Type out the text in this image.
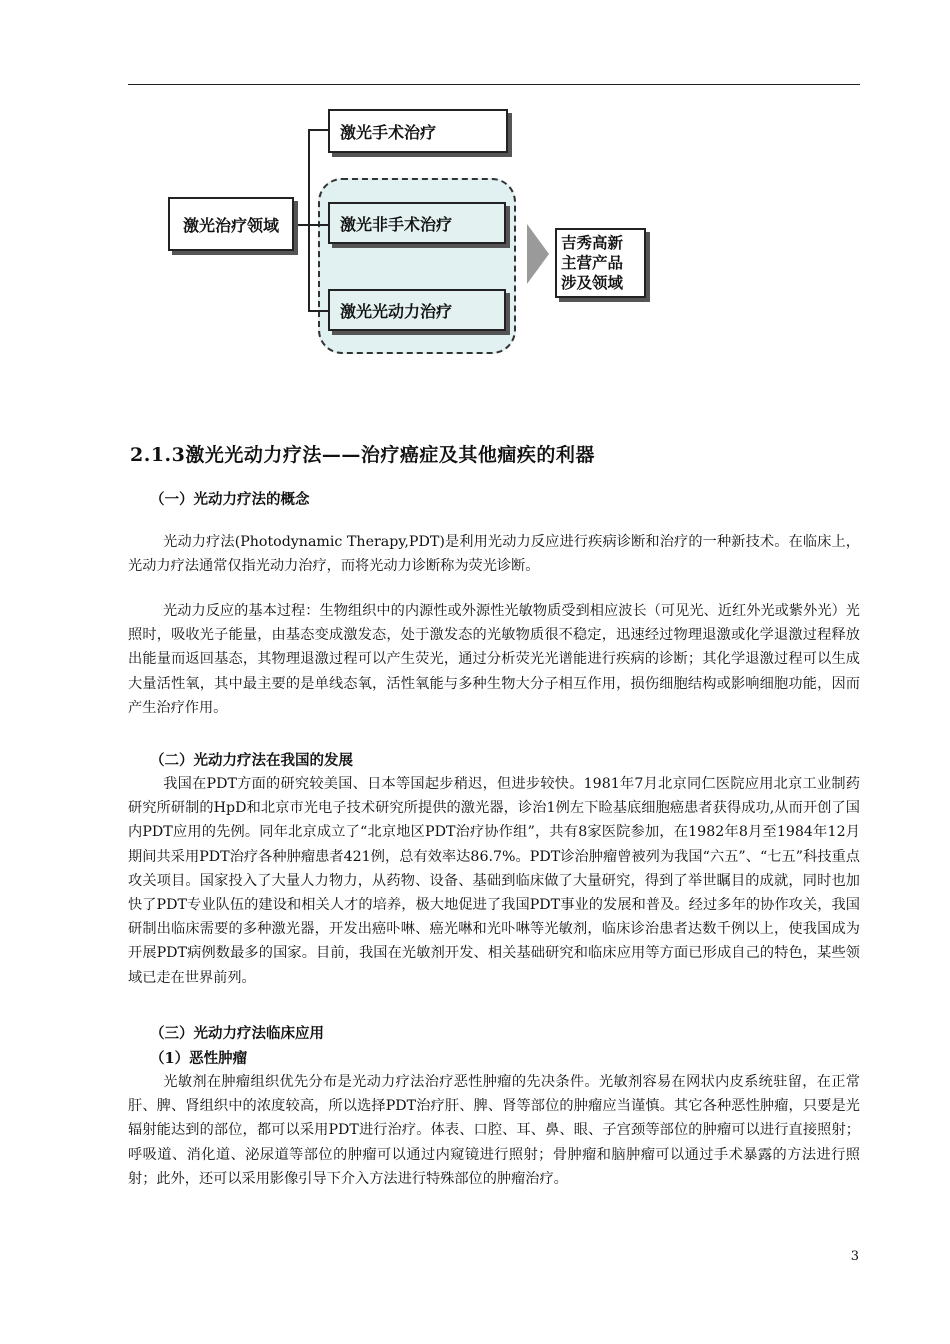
激光治疗领域
激光手术治疗
激光非手术治疗
激光光动力治疗
吉秀高新
主营产品
涉及领域
2.1.3激光光动力疗法——治疗癌症及其他痼疾的利器
（一）光动力疗法的概念

光动力疗法(Photodynamic Therapy,PDT)是利用光动力反应进行疾病诊断和治疗的一种新技术。在临床上，光动力疗法通常仅指光动力治疗，而将光动力诊断称为荧光诊断。

光动力反应的基本过程：生物组织中的内源性或外源性光敏物质受到相应波长（可见光、近红外光或紫外光）光照时，吸收光子能量，由基态变成激发态，处于激发态的光敏物质很不稳定，迅速经过物理退激或化学退激过程释放出能量而返回基态，其物理退激过程可以产生荧光，通过分析荧光光谱能进行疾病的诊断；其化学退激过程可以生成大量活性氧，其中最主要的是单线态氧，活性氧能与多种生物大分子相互作用，损伤细胞结构或影响细胞功能，因而产生治疗作用。

（二）光动力疗法在我国的发展

我国在PDT方面的研究较美国、日本等国起步稍迟，但进步较快。1981年7月北京同仁医院应用北京工业制药研究所研制的HpD和北京市光电子技术研究所提供的激光器，诊治1例左下睑基底细胞癌患者获得成功,从而开创了国内PDT应用的先例。同年北京成立了“北京地区PDT治疗协作组”，共有8家医院参加，在1982年8月至1984年12月期间共采用PDT治疗各种肿瘤患者421例，总有效率达86.7%。PDT诊治肿瘤曾被列为我国“六五”、“七五”科技重点攻关项目。国家投入了大量人力物力，从药物、设备、基础到临床做了大量研究，得到了举世瞩目的成就，同时也加快了PDT专业队伍的建设和相关人才的培养，极大地促进了我国PDT事业的发展和普及。经过多年的协作攻关，我国研制出临床需要的多种激光器，开发出癌卟啉、癌光啉和光卟啉等光敏剂，临床诊治患者达数千例以上，使我国成为开展PDT病例数最多的国家。目前，我国在光敏剂开发、相关基础研究和临床应用等方面已形成自己的特色，某些领域已走在世界前列。

（三）光动力疗法临床应用
（1）恶性肿瘤

光敏剂在肿瘤组织优先分布是光动力疗法治疗恶性肿瘤的先决条件。光敏剂容易在网状内皮系统驻留，在正常肝、脾、肾组织中的浓度较高，所以选择PDT治疗肝、脾、肾等部位的肿瘤应当谨慎。其它各种恶性肿瘤，只要是光辐射能达到的部位，都可以采用PDT进行治疗。体表、口腔、耳、鼻、眼、子宫颈等部位的肿瘤可以进行直接照射；呼吸道、消化道、泌尿道等部位的肿瘤可以通过内窥镜进行照射；骨肿瘤和脑肿瘤可以通过手术暴露的方法进行照射；此外，还可以采用影像引导下介入方法进行特殊部位的肿瘤治疗。

3
